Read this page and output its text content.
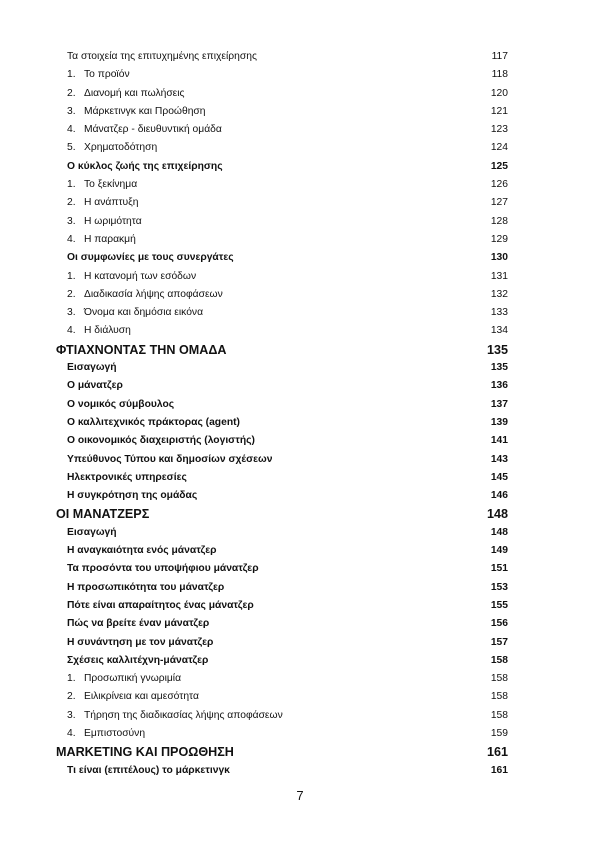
Τα στοιχεία της επιτυχημένης επιχείρησης	117
1. Το προϊόν	118
2. Διανομή και πωλήσεις	120
3. Μάρκετινγκ και Προώθηση	121
4. Μάνατζερ - διευθυντική ομάδα	123
5. Χρηματοδότηση	124
Ο κύκλος ζωής της επιχείρησης	125
1. Το ξεκίνημα	126
2. Η ανάπτυξη	127
3. Η ωριμότητα	128
4. Η παρακμή	129
Οι συμφωνίες με τους συνεργάτες	130
1. Η κατανομή των εσόδων	131
2. Διαδικασία λήψης αποφάσεων	132
3. Όνομα και δημόσια εικόνα	133
4. Η διάλυση	134
ΦΤΙΑΧΝΟΝΤΑΣ ΤΗΝ ΟΜΑΔΑ	135
Εισαγωγή	135
Ο μάνατζερ	136
Ο νομικός σύμβουλος	137
Ο καλλιτεχνικός πράκτορας (agent)	139
Ο οικονομικός διαχειριστής (λογιστής)	141
Υπεύθυνος Τύπου και δημοσίων σχέσεων	143
Ηλεκτρονικές υπηρεσίες	145
Η συγκρότηση της ομάδας	146
ΟΙ ΜΑΝΑΤΖΕΡΣ	148
Εισαγωγή	148
Η αναγκαιότητα ενός μάνατζερ	149
Τα προσόντα του υποψήφιου μάνατζερ	151
Η προσωπικότητα του μάνατζερ	153
Πότε είναι απαραίτητος ένας μάνατζερ	155
Πώς να βρείτε έναν μάνατζερ	156
Η συνάντηση με τον μάνατζερ	157
Σχέσεις καλλιτέχνη-μάνατζερ	158
1. Προσωπική γνωριμία	158
2. Ειλικρίνεια και αμεσότητα	158
3. Τήρηση της διαδικασίας λήψης αποφάσεων	158
4. Εμπιστοσύνη	159
MARKETING ΚΑΙ ΠΡΟΩΘΗΣΗ	161
Τι είναι (επιτέλους) το μάρκετινγκ	161
7
